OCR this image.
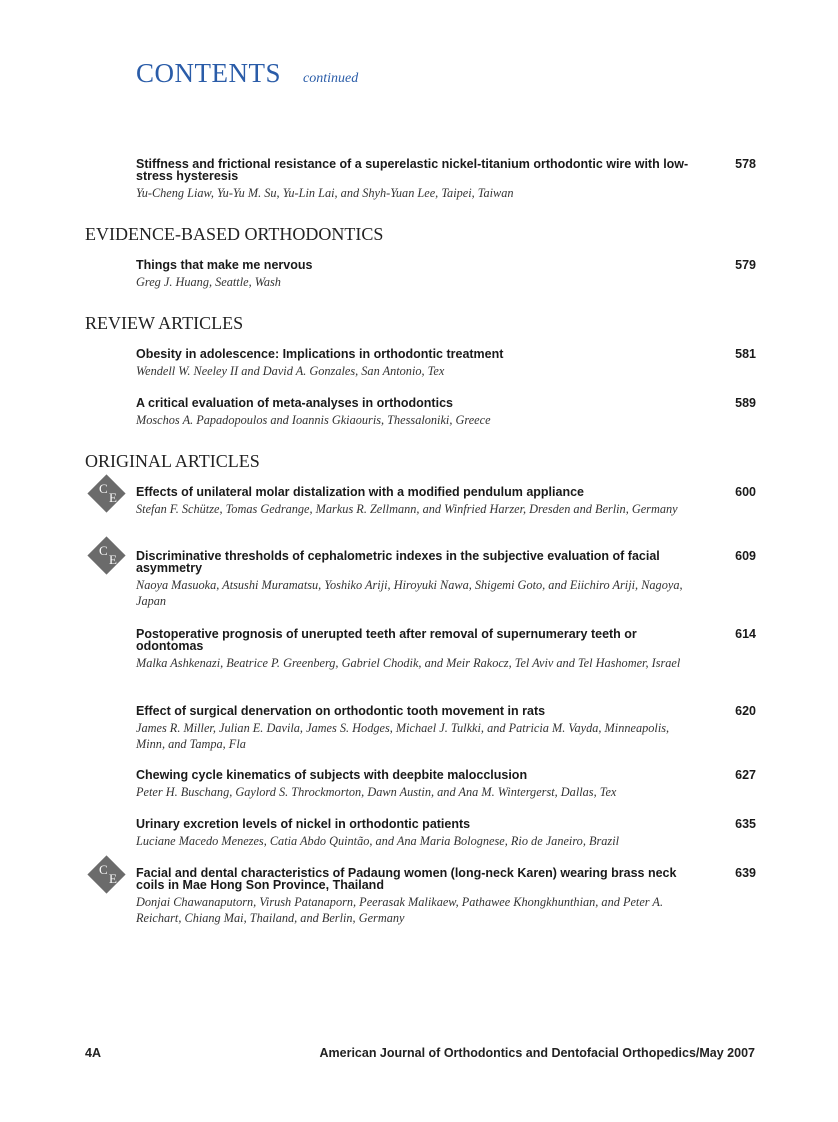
CONTENTS continued
EVIDENCE-BASED ORTHODONTICS
REVIEW ARTICLES
ORIGINAL ARTICLES
C
E
C
E
C
E
Stiffness and frictional resistance of a superelastic nickel-titanium orthodontic wire with low-stress hysteresis
Yu-Cheng Liaw, Yu-Yu M. Su, Yu-Lin Lai, and Shyh-Yuan Lee, Taipei, Taiwan
578
Things that make me nervous
Greg J. Huang, Seattle, Wash
579
Obesity in adolescence: Implications in orthodontic treatment
Wendell W. Neeley II and David A. Gonzales, San Antonio, Tex
581
A critical evaluation of meta-analyses in orthodontics
Moschos A. Papadopoulos and Ioannis Gkiaouris, Thessaloniki, Greece
589
Effects of unilateral molar distalization with a modified pendulum appliance
Stefan F. Schütze, Tomas Gedrange, Markus R. Zellmann, and Winfried Harzer, Dresden and Berlin, Germany
600
Discriminative thresholds of cephalometric indexes in the subjective evaluation of facial asymmetry
Naoya Masuoka, Atsushi Muramatsu, Yoshiko Ariji, Hiroyuki Nawa, Shigemi Goto, and Eiichiro Ariji, Nagoya, Japan
609
Postoperative prognosis of unerupted teeth after removal of supernumerary teeth or odontomas
Malka Ashkenazi, Beatrice P. Greenberg, Gabriel Chodik, and Meir Rakocz, Tel Aviv and Tel Hashomer, Israel
614
Effect of surgical denervation on orthodontic tooth movement in rats
James R. Miller, Julian E. Davila, James S. Hodges, Michael J. Tulkki, and Patricia M. Vayda, Minneapolis, Minn, and Tampa, Fla
620
Chewing cycle kinematics of subjects with deepbite malocclusion
Peter H. Buschang, Gaylord S. Throckmorton, Dawn Austin, and Ana M. Wintergerst, Dallas, Tex
627
Urinary excretion levels of nickel in orthodontic patients
Luciane Macedo Menezes, Catia Abdo Quintão, and Ana Maria Bolognese, Rio de Janeiro, Brazil
635
Facial and dental characteristics of Padaung women (long-neck Karen) wearing brass neck coils in Mae Hong Son Province, Thailand
Donjai Chawanaputorn, Virush Patanaporn, Peerasak Malikaew, Pathawee Khongkhunthian, and Peter A. Reichart, Chiang Mai, Thailand, and Berlin, Germany
639
4A	American Journal of Orthodontics and Dentofacial Orthopedics/May 2007
